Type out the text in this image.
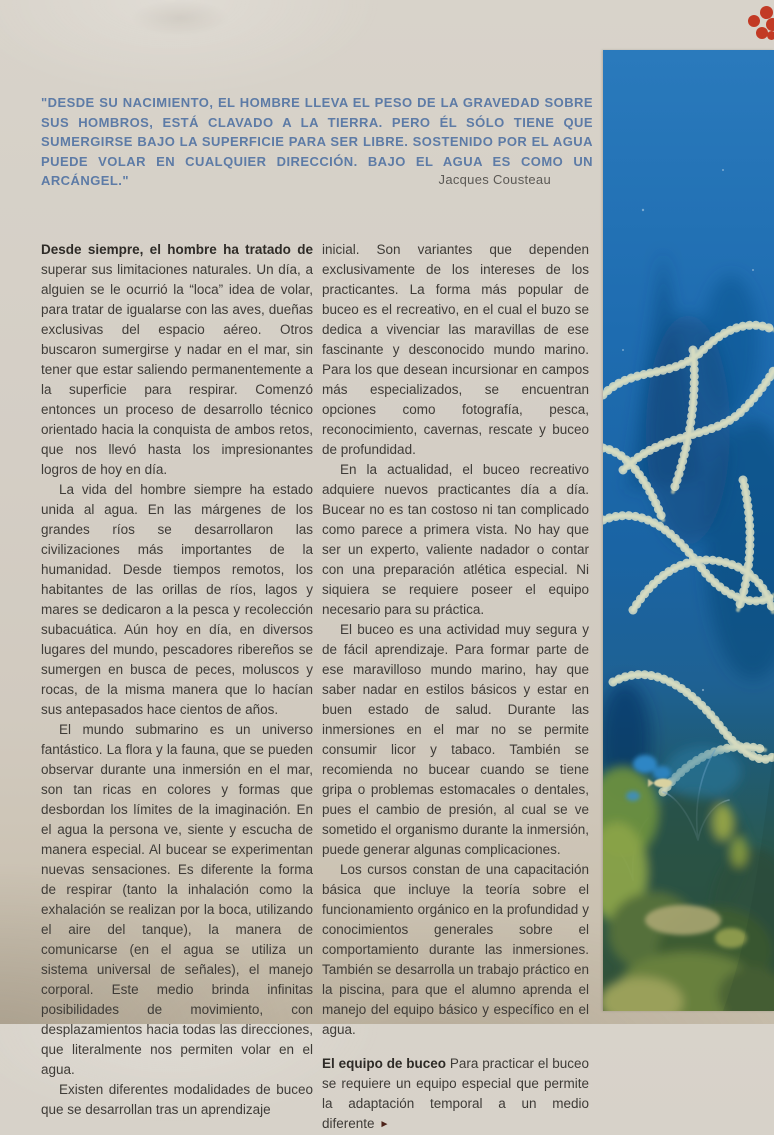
"DESDE SU NACIMIENTO, EL HOMBRE LLEVA EL PESO DE LA GRAVEDAD SOBRE SUS HOMBROS, ESTÁ CLAVADO A LA TIERRA. PERO ÉL SÓLO TIENE QUE SUMERGIRSE BAJO LA SUPERFICIE PARA SER LIBRE. SOSTENIDO POR EL AGUA PUEDE VOLAR EN CUALQUIER DIRECCIÓN. BAJO EL AGUA ES COMO UN ARCÁNGEL."	Jacques Cousteau

Desde siempre, el hombre ha tratado de superar sus limitaciones naturales. Un día, a alguien se le ocurrió la “loca” idea de volar, para tratar de igualarse con las aves, dueñas exclusivas del espacio aéreo. Otros buscaron sumergirse y nadar en el mar, sin tener que estar saliendo permanentemente a la superficie para respirar. Comenzó entonces un proceso de desarrollo técnico orientado hacia la conquista de ambos retos, que nos llevó hasta los impresionantes logros de hoy en día.

La vida del hombre siempre ha estado unida al agua. En las márgenes de los grandes ríos se desarrollaron las civilizaciones más importantes de la humanidad. Desde tiempos remotos, los habitantes de las orillas de ríos, lagos y mares se dedicaron a la pesca y recolección subacuática. Aún hoy en día, en diversos lugares del mundo, pescadores ribereños se sumergen en busca de peces, moluscos y rocas, de la misma manera que lo hacían sus antepasados hace cientos de años.

El mundo submarino es un universo fantástico. La flora y la fauna, que se pueden observar durante una inmersión en el mar, son tan ricas en colores y formas que desbordan los límites de la imaginación. En el agua la persona ve, siente y escucha de manera especial. Al bucear se experimentan nuevas sensaciones. Es diferente la forma de respirar (tanto la inhalación como la exhalación se realizan por la boca, utilizando el aire del tanque), la manera de comunicarse (en el agua se utiliza un sistema universal de señales), el manejo corporal. Este medio brinda infinitas posibilidades de movimiento, con desplazamientos hacia todas las direcciones, que literalmente nos permiten volar en el agua.

Existen diferentes modalidades de buceo que se desarrollan tras un aprendizaje

inicial. Son variantes que dependen exclusivamente de los intereses de los practicantes. La forma más popular de buceo es el recreativo, en el cual el buzo se dedica a vivenciar las maravillas de ese fascinante y desconocido mundo marino. Para los que desean incursionar en campos más especializados, se encuentran opciones como fotografía, pesca, reconocimiento, cavernas, rescate y buceo de profundidad.

En la actualidad, el buceo recreativo adquiere nuevos practicantes día a día. Bucear no es tan costoso ni tan complicado como parece a primera vista. No hay que ser un experto, valiente nadador o contar con una preparación atlética especial. Ni siquiera se requiere poseer el equipo necesario para su práctica.

El buceo es una actividad muy segura y de fácil aprendizaje. Para formar parte de ese maravilloso mundo marino, hay que saber nadar en estilos básicos y estar en buen estado de salud. Durante las inmersiones en el mar no se permite consumir licor y tabaco. También se recomienda no bucear cuando se tiene gripa o problemas estomacales o dentales, pues el cambio de presión, al cual se ve sometido el organismo durante la inmersión, puede generar algunas complicaciones.

Los cursos constan de una capacitación básica que incluye la teoría sobre el funcionamiento orgánico en la profundidad y conocimientos generales sobre el comportamiento durante las inmersiones. También se desarrolla un trabajo práctico en la piscina, para que el alumno aprenda el manejo del equipo básico y específico en el agua.

El equipo de buceo Para practicar el buceo se requiere un equipo especial que permite la adaptación temporal a un medio diferente ►
